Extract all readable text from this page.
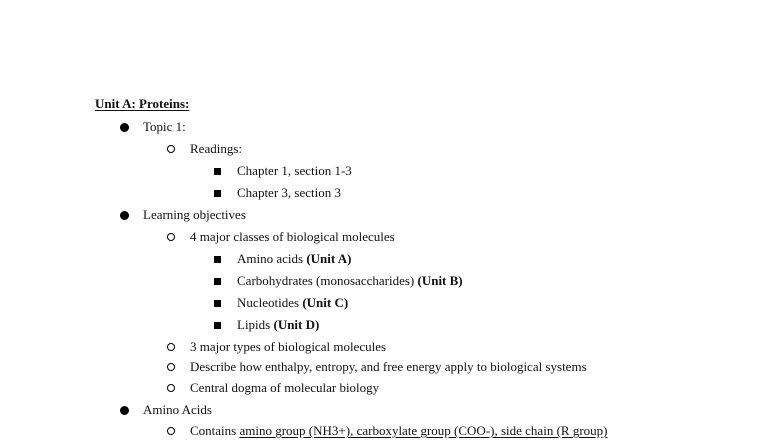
Unit A: Proteins:
Topic 1:
Readings:
Chapter 1, section 1-3
Chapter 3, section 3
Learning objectives
4 major classes of biological molecules
Amino acids (Unit A)
Carbohydrates (monosaccharides) (Unit B)
Nucleotides (Unit C)
Lipids (Unit D)
3 major types of biological molecules
Describe how enthalpy, entropy, and free energy apply to biological systems
Central dogma of molecular biology
Amino Acids
Contains amino group (NH3+), carboxylate group (COO-), side chain (R group)
